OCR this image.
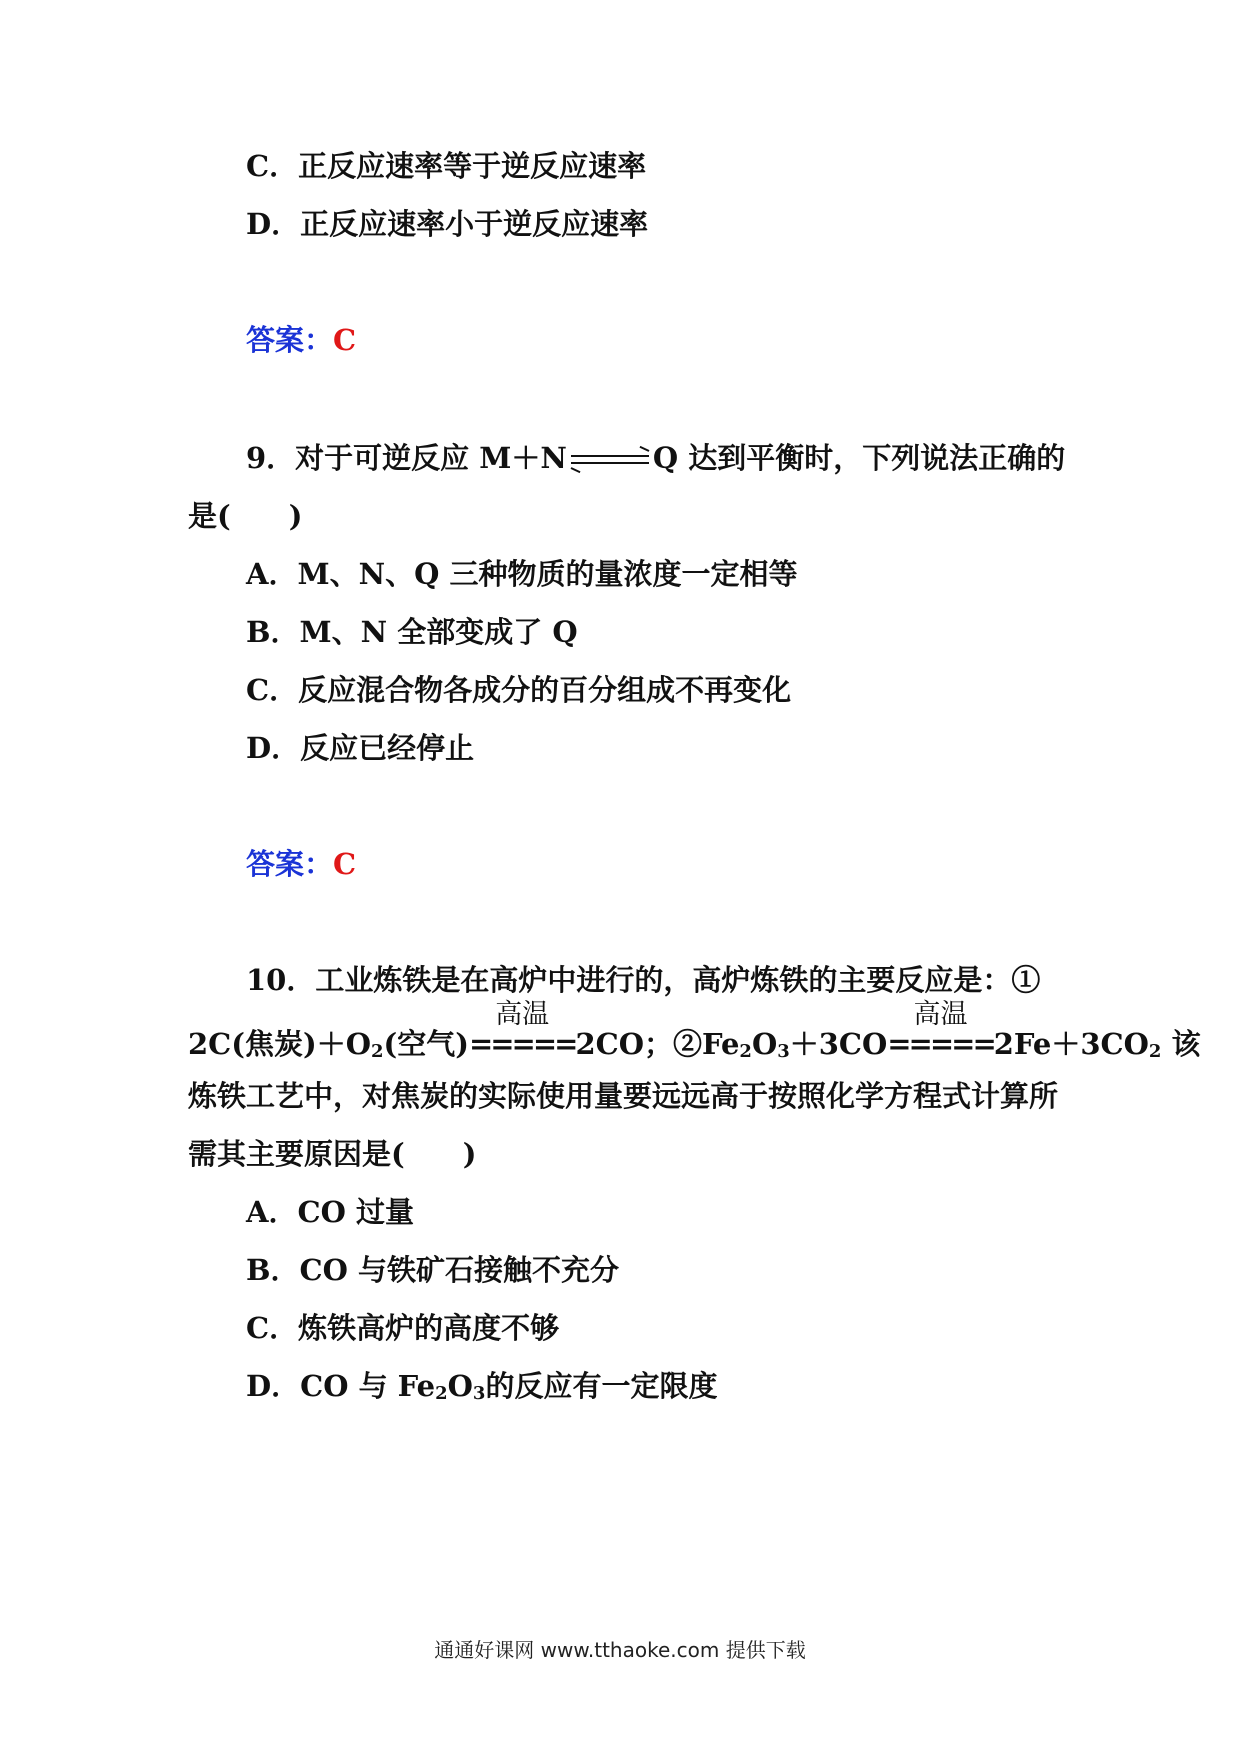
C．正反应速率等于逆反应速率
D．正反应速率小于逆反应速率
答案：C
9．对于可逆反应 M＋N ⇌ Q 达到平衡时，下列说法正确的
是(　　)
A．M、N、Q 三种物质的量浓度一定相等
B．M、N 全部变成了 Q
C．反应混合物各成分的百分组成不再变化
D．反应已经停止
答案：C
10．工业炼铁是在高炉中进行的，高炉炼铁的主要反应是：①
2C(焦炭)＋O2(空气)
高温
=====2CO；②Fe2O3＋3CO
高温
=====2Fe＋3CO2 该
炼铁工艺中，对焦炭的实际使用量要远远高于按照化学方程式计算所
需其主要原因是(　　)
A．CO 过量
B．CO 与铁矿石接触不充分
C．炼铁高炉的高度不够
D．CO 与 Fe2O3的反应有一定限度
通通好课网 www.tthaoke.com 提供下载
